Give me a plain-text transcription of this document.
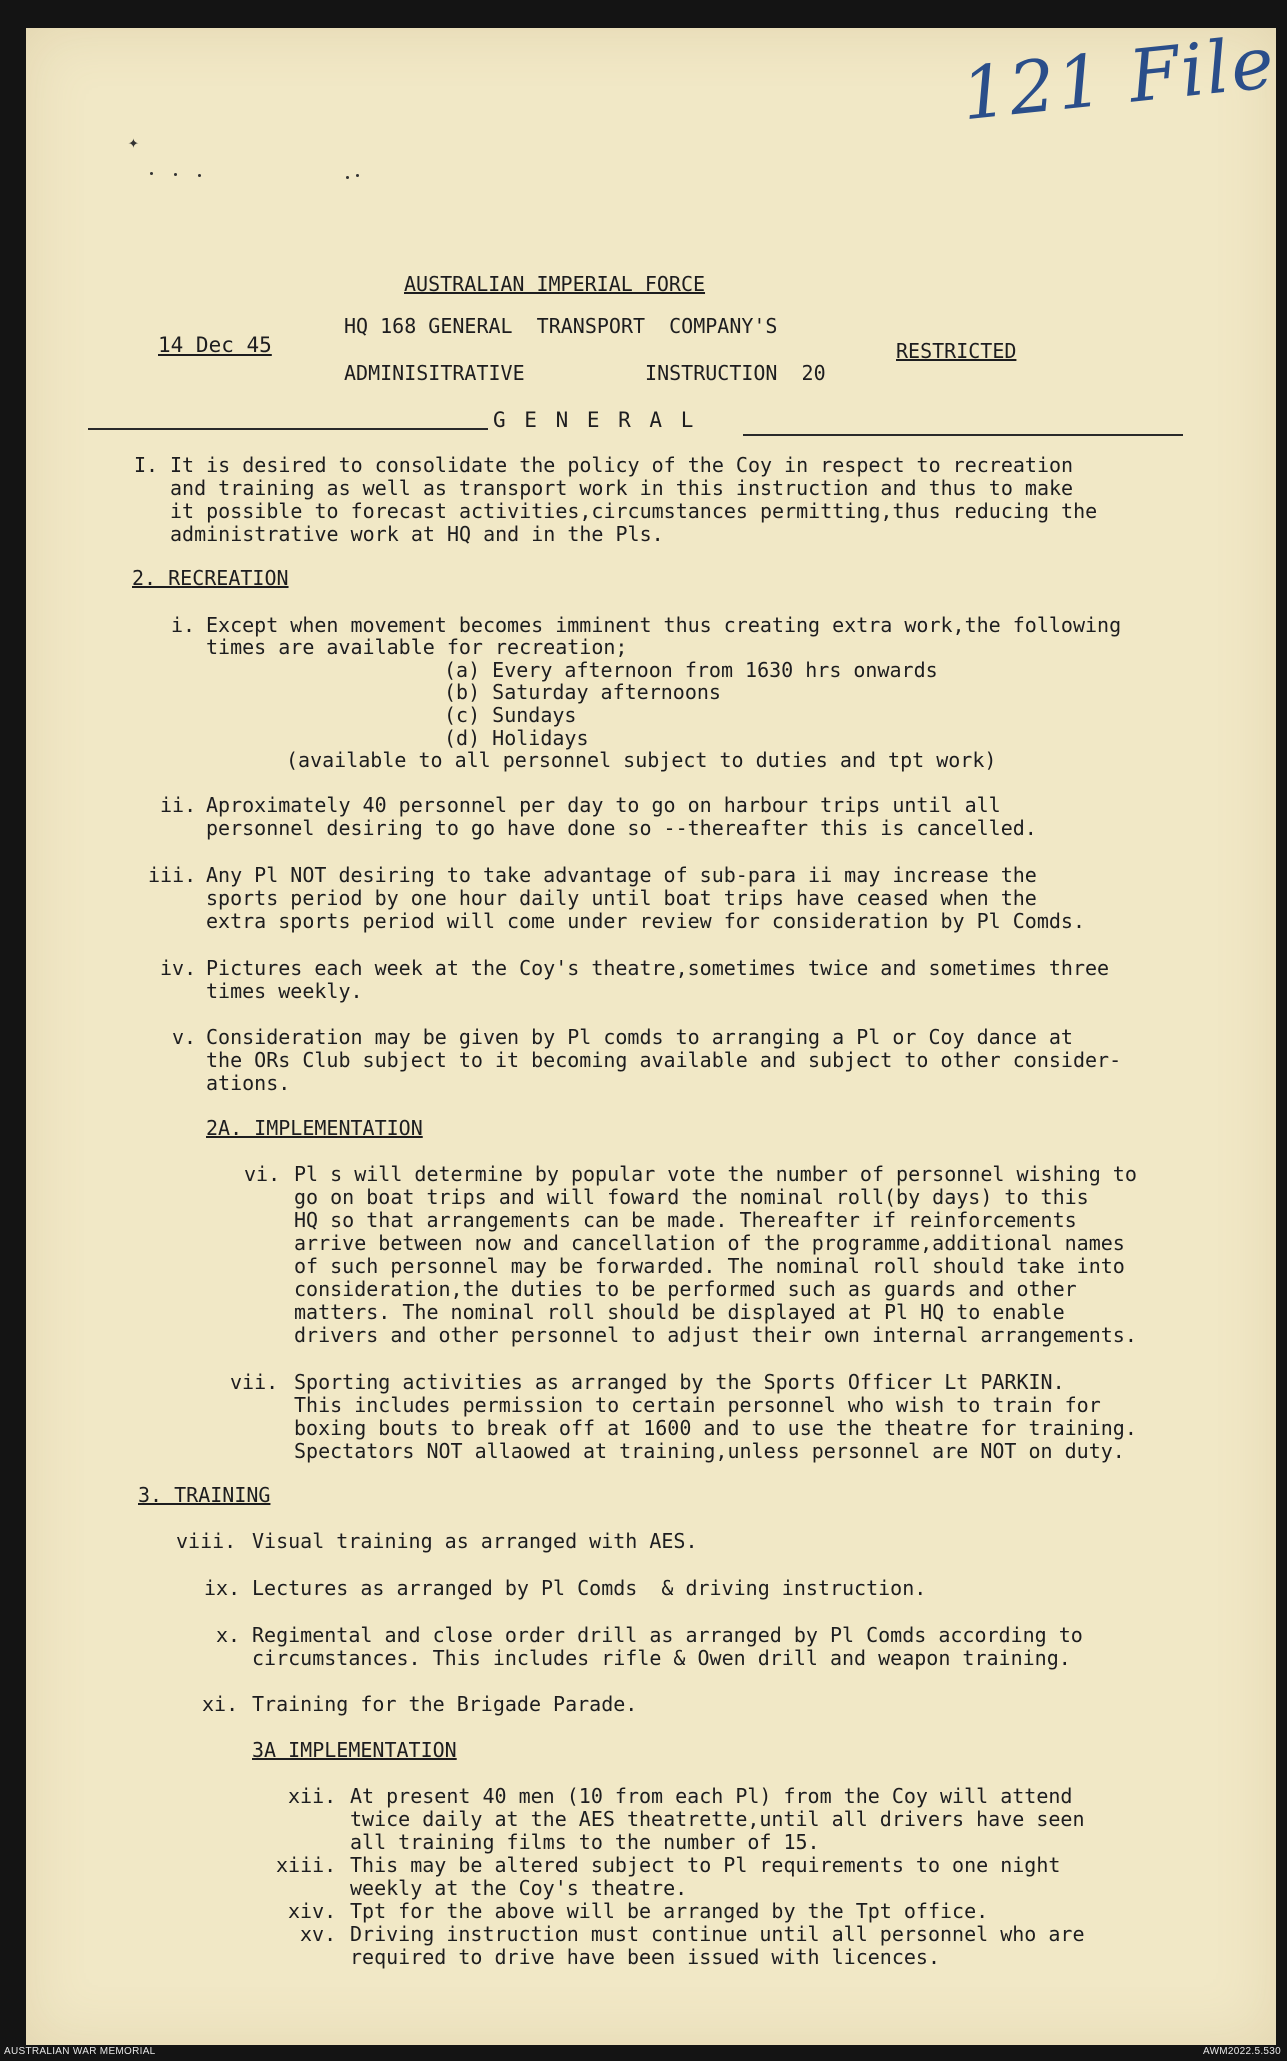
121 File
✦
AUSTRALIAN IMPERIAL FORCE
HQ 168 GENERAL  TRANSPORT  COMPANY'S
14 Dec 45	RESTRICTED
ADMINISITRATIVE          INSTRUCTION  20
G E N E R A L
I. It is desired to consolidate the policy of the Coy in respect to recreation
and training as well as transport work in this instruction and thus to make
it possible to forecast activities,circumstances permitting,thus reducing the
administrative work at HQ and in the Pls.
2. RECREATION
i. Except when movement becomes imminent thus creating extra work,the following
times are available for recreation;
(a) Every afternoon from 1630 hrs onwards
(b) Saturday afternoons
(c) Sundays
(d) Holidays
(available to all personnel subject to duties and tpt work)
ii. Aproximately 40 personnel per day to go on harbour trips until all
personnel desiring to go have done so --thereafter this is cancelled.
iii. Any Pl NOT desiring to take advantage of sub-para ii may increase the
sports period by one hour daily until boat trips have ceased when the
extra sports period will come under review for consideration by Pl Comds.
iv. Pictures each week at the Coy's theatre,sometimes twice and sometimes three
times weekly.
v. Consideration may be given by Pl comds to arranging a Pl or Coy dance at
the ORs Club subject to it becoming available and subject to other consider-
ations.
2A. IMPLEMENTATION
vi. Pl s will determine by popular vote the number of personnel wishing to
go on boat trips and will foward the nominal roll(by days) to this
HQ so that arrangements can be made. Thereafter if reinforcements
arrive between now and cancellation of the programme,additional names
of such personnel may be forwarded. The nominal roll should take into
consideration,the duties to be performed such as guards and other
matters. The nominal roll should be displayed at Pl HQ to enable
drivers and other personnel to adjust their own internal arrangements.
vii. Sporting activities as arranged by the Sports Officer Lt PARKIN.
This includes permission to certain personnel who wish to train for
boxing bouts to break off at 1600 and to use the theatre for training.
Spectators NOT allaowed at training,unless personnel are NOT on duty.
3. TRAINING
viii. Visual training as arranged with AES.
ix. Lectures as arranged by Pl Comds  & driving instruction.
x. Regimental and close order drill as arranged by Pl Comds according to
circumstances. This includes rifle & Owen drill and weapon training.
xi. Training for the Brigade Parade.
3A IMPLEMENTATION
xii. At present 40 men (10 from each Pl) from the Coy will attend
twice daily at the AES theatrette,until all drivers have seen
all training films to the number of 15.
xiii. This may be altered subject to Pl requirements to one night
weekly at the Coy's theatre.
xiv. Tpt for the above will be arranged by the Tpt office.
xv. Driving instruction must continue until all personnel who are
required to drive have been issued with licences.
AUSTRALIAN WAR MEMORIAL	AWM2022.5.530
